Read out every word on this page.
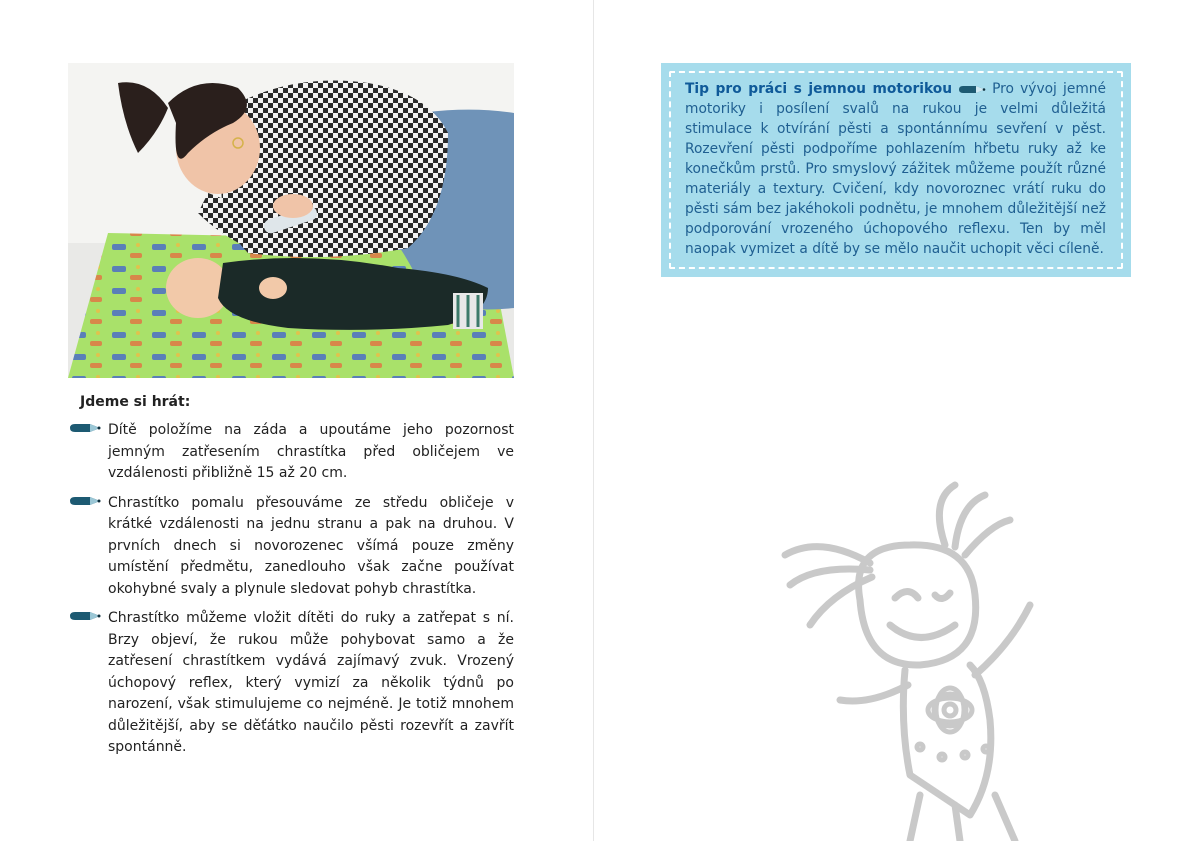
Jdeme si hrát:
Dítě položíme na záda a upoutáme jeho pozornost jemným zatřesením chrastítka před obličejem ve vzdálenosti přibližně 15 až 20 cm.
Chrastítko pomalu přesouváme ze středu obličeje v krátké vzdálenosti na jednu stranu a pak na druhou. V prvních dnech si novorozenec všímá pouze změny umístění předmětu, zanedlouho však začne používat okohybné svaly a plynule sledovat pohyb chrastítka.
Chrastítko můžeme vložit dítěti do ruky a zatřepat s ní. Brzy objeví, že rukou může pohybovat samo a že zatřesení chrastítkem vydává zajímavý zvuk. Vrozený úchopový reflex, který vymizí za několik týdnů po narození, však stimulujeme co nejméně. Je totiž mnohem důležitější, aby se děťátko naučilo pěsti rozevřít a zavřít spontánně.
Tip pro práci s jemnou motorikou	Pro vývoj jemné motoriky i posílení svalů na rukou je velmi důležitá stimulace k otvírání pěsti a spontánnímu sevření v pěst. Rozevření pěsti podpoříme pohlazením hřbetu ruky až ke konečkům prstů. Pro smyslový zážitek můžeme použít různé materiály a textury. Cvičení, kdy novoroznec vrátí ruku do pěsti sám bez jakéhokoli podnětu, je mnohem důležitější než podporování vrozeného úchopového reflexu. Ten by měl naopak vymizet a dítě by se mělo naučit uchopit věci cíleně.
